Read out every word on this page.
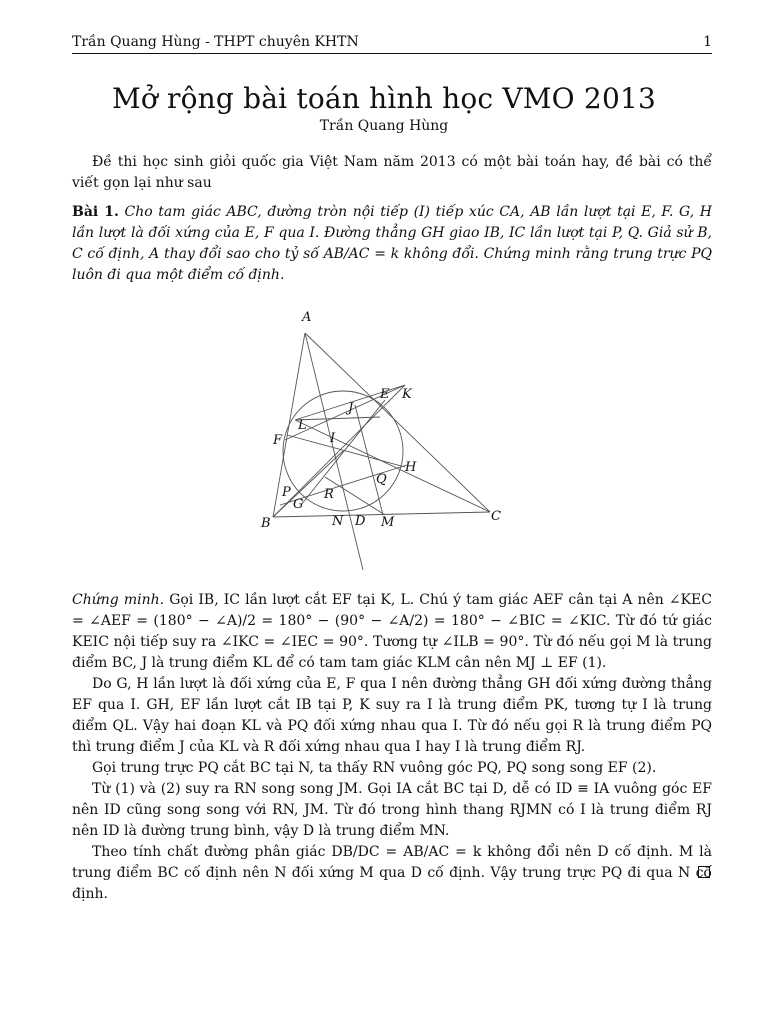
Trần Quang Hùng - THPT chuyên KHTN	1
Mở rộng bài toán hình học VMO 2013
Trần Quang Hùng
Đề thi học sinh giỏi quốc gia Việt Nam năm 2013 có một bài toán hay, đề bài có thể viết gọn lại như sau
Bài 1. Cho tam giác ABC, đường tròn nội tiếp (I) tiếp xúc CA, AB lần lượt tại E, F. G, H lần lượt là đối xứng của E, F qua I. Đường thẳng GH giao IB, IC lần lượt tại P, Q. Giả sử B, C cố định, A thay đổi sao cho tỷ số AB/AC = k không đổi. Chứng minh rằng trung trực PQ luôn đi qua một điểm cố định.
A
B	C
D
E
F
G
H
I
J
K
L
M
N
P
Q
R
Chứng minh. Gọi IB, IC lần lượt cắt EF tại K, L. Chú ý tam giác AEF cân tại A nên ∠KEC = ∠AEF = (180° − ∠A)/2 = 180° − (90° − ∠A/2) = 180° − ∠BIC = ∠KIC. Từ đó tứ giác KEIC nội tiếp suy ra ∠IKC = ∠IEC = 90°. Tương tự ∠ILB = 90°. Từ đó nếu gọi M là trung điểm BC, J là trung điểm KL để có tam tam giác KLM cân nên MJ ⊥ EF (1).
Do G, H lần lượt là đối xứng của E, F qua I nên đường thẳng GH đối xứng đường thẳng EF qua I. GH, EF lần lượt cắt IB tại P, K suy ra I là trung điểm PK, tương tự I là trung điểm QL. Vậy hai đoạn KL và PQ đối xứng nhau qua I. Từ đó nếu gọi R là trung điểm PQ thì trung điểm J của KL và R đối xứng nhau qua I hay I là trung điểm RJ.
Gọi trung trực PQ cắt BC tại N, ta thấy RN vuông góc PQ, PQ song song EF (2).
Từ (1) và (2) suy ra RN song song JM. Gọi IA cắt BC tại D, dễ có ID ≡ IA vuông góc EF nên ID cũng song song với RN, JM. Từ đó trong hình thang RJMN có I là trung điểm RJ nên ID là đường trung bình, vậy D là trung điểm MN.
Theo tính chất đường phân giác DB/DC = AB/AC = k không đổi nên D cố định. M là trung điểm BC cố định nên N đối xứng M qua D cố định. Vậy trung trực PQ đi qua N cố định.
